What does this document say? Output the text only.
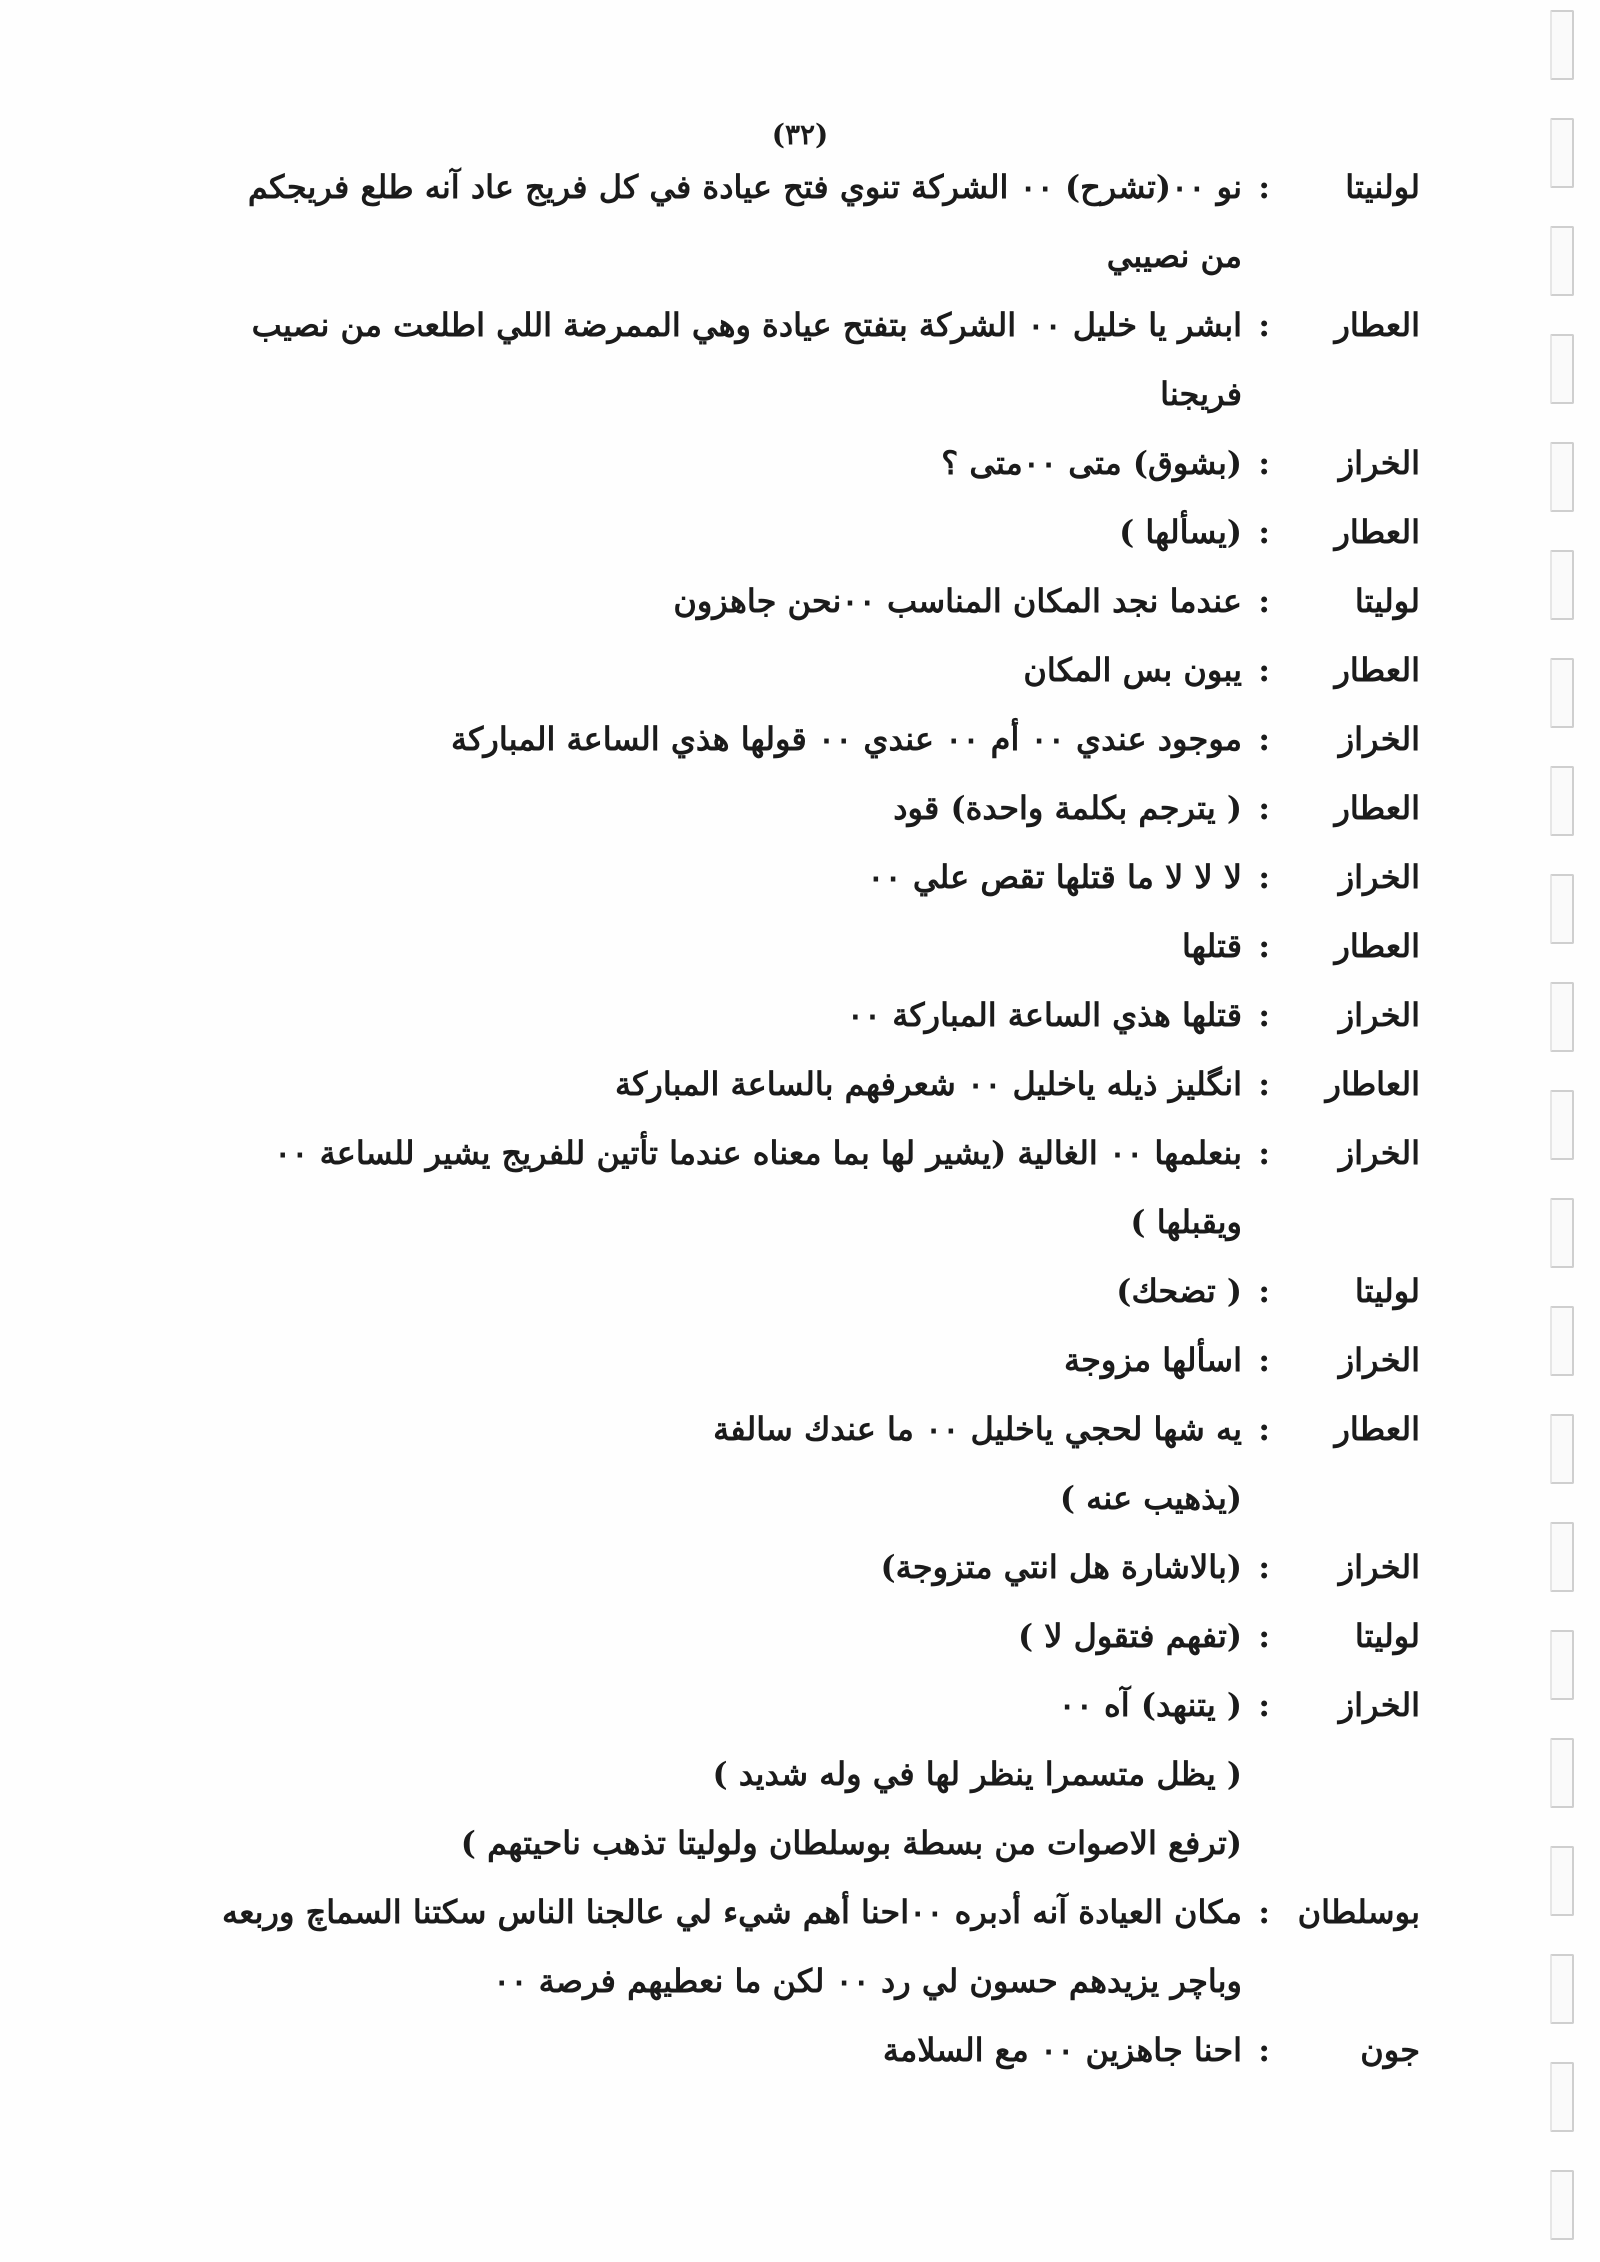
(٣٢)
لولنيتا
:نو ٠٠(تشرح) ٠٠ الشركة تنوي فتح عيادة في كل فريج عاد آنه طلع فريجكم
من نصيبي
العطار
:ابشر يا خليل ٠٠ الشركة بتفتح عيادة وهي الممرضة اللي اطلعت من نصيب
فريجنا
الخراز
:(بشوق) متى ٠٠متى ؟
العطار
:(يسألها )
لوليتا
:عندما نجد المكان المناسب ٠٠نحن جاهزون
العطار
:يبون بس المكان
الخراز
:موجود عندي ٠٠ أم ٠٠ عندي ٠٠ قولها هذي الساعة المباركة
العطار
:( يترجم بكلمة واحدة) قود
الخراز
:لا لا لا ما قتلها تقص علي ٠٠
العطار
:قتلها
الخراز
:قتلها هذي الساعة المباركة ٠٠
العاطار
:انگليز ذيله ياخليل ٠٠ شعرفهم بالساعة المباركة
الخراز
:بنعلمها ٠٠ الغالية (يشير لها بما معناه عندما تأتين للفريج يشير للساعة ٠٠
ويقبلها )
لوليتا
:( تضحك)
الخراز
:اسألها مزوجة
العطار
:يه شها لحجي ياخليل ٠٠ ما عندك سالفة
(يذهيب عنه )
الخراز
:(بالاشارة هل انتي متزوجة)
لوليتا
:(تفهم فتقول لا )
الخراز
:( يتنهد) آه ٠٠
( يظل متسمرا ينظر لها في وله شديد )
(ترفع الاصوات من بسطة بوسلطان ولوليتا تذهب ناحيتهم )
بوسلطان
:مكان العيادة آنه أدبره ٠٠احنا أهم شيء لي عالجنا الناس سكتنا السماچ وربعه
وباچر يزيدهم حسون لي رد ٠٠ لكن ما نعطيهم فرصة ٠٠
جون
:احنا جاهزين ٠٠ مع السلامة
